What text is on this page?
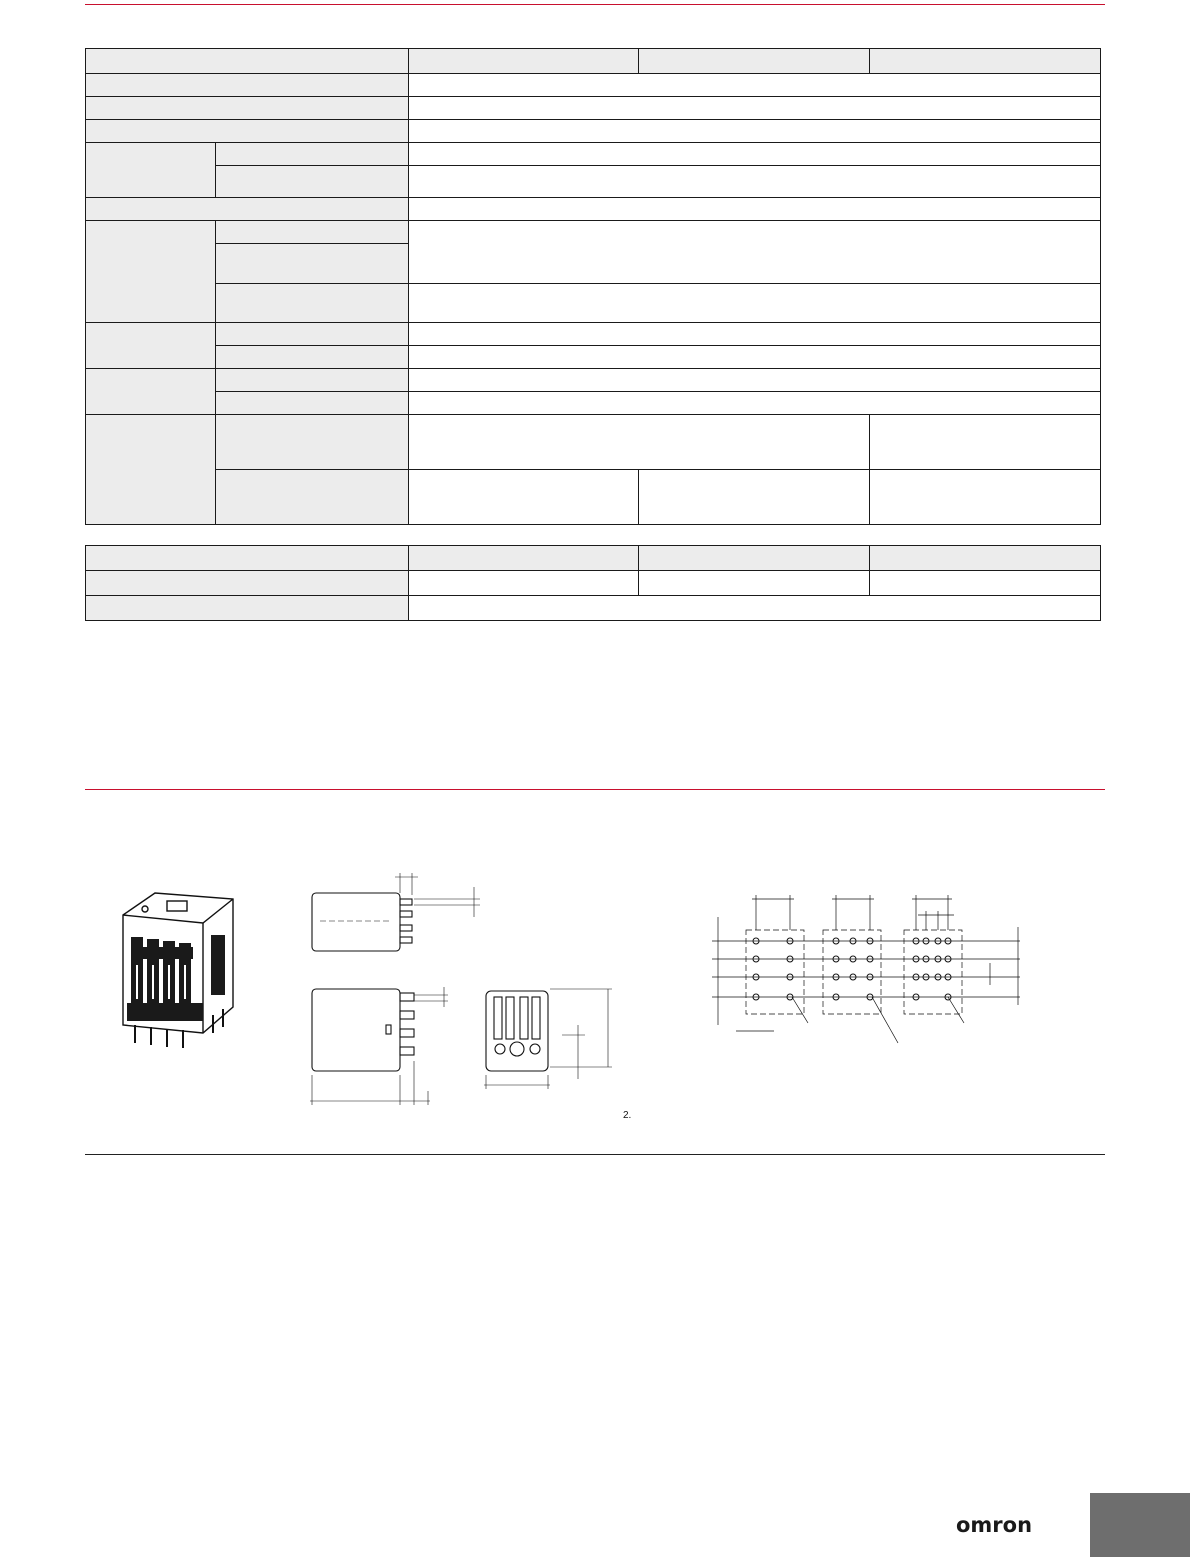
2.
omron
